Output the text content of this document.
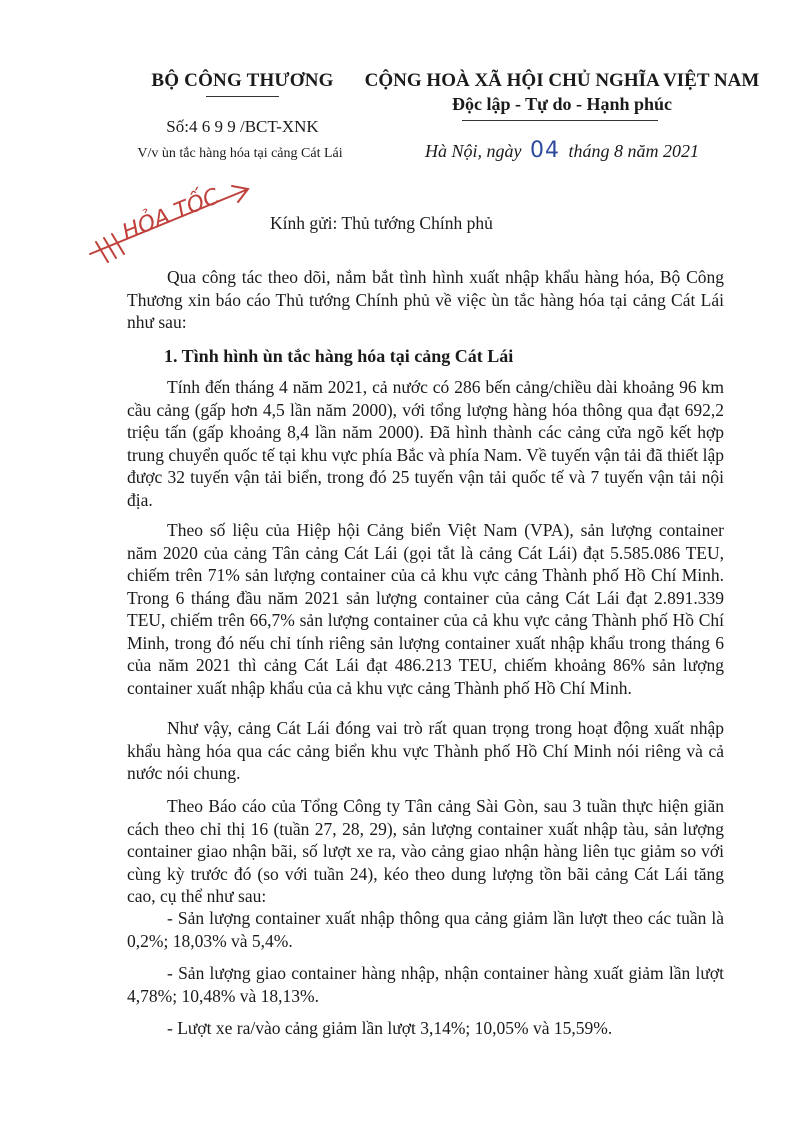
BỘ CÔNG THƯƠNG
Số:4 6 9 9 /BCT-XNK
V/v ùn tắc hàng hóa tại cảng Cát Lái
CỘNG HOÀ XÃ HỘI CHỦ NGHĨA VIỆT NAM
Độc lập - Tự do - Hạnh phúc
Hà Nội, ngày 04 tháng 8 năm 2021
HỎA TỐC	Kính gửi: Thủ tướng Chính phủ
Qua công tác theo dõi, nắm bắt tình hình xuất nhập khẩu hàng hóa, Bộ Công Thương xin báo cáo Thủ tướng Chính phủ về việc ùn tắc hàng hóa tại cảng Cát Lái như sau:
1. Tình hình ùn tắc hàng hóa tại cảng Cát Lái
Tính đến tháng 4 năm 2021, cả nước có 286 bến cảng/chiều dài khoảng 96 km cầu cảng (gấp hơn 4,5 lần năm 2000), với tổng lượng hàng hóa thông qua đạt 692,2 triệu tấn (gấp khoảng 8,4 lần năm 2000). Đã hình thành các cảng cửa ngõ kết hợp trung chuyển quốc tế tại khu vực phía Bắc và phía Nam. Về tuyến vận tải đã thiết lập được 32 tuyến vận tải biển, trong đó 25 tuyến vận tải quốc tế và 7 tuyến vận tải nội địa.
Theo số liệu của Hiệp hội Cảng biển Việt Nam (VPA), sản lượng container năm 2020 của cảng Tân cảng Cát Lái (gọi tắt là cảng Cát Lái) đạt 5.585.086 TEU, chiếm trên 71% sản lượng container của cả khu vực cảng Thành phố Hồ Chí Minh. Trong 6 tháng đầu năm 2021 sản lượng container của cảng Cát Lái đạt 2.891.339 TEU, chiếm trên 66,7% sản lượng container của cả khu vực cảng Thành phố Hồ Chí Minh, trong đó nếu chỉ tính riêng sản lượng container xuất nhập khẩu trong tháng 6 của năm 2021 thì cảng Cát Lái đạt 486.213 TEU, chiếm khoảng 86% sản lượng container xuất nhập khẩu của cả khu vực cảng Thành phố Hồ Chí Minh.
Như vậy, cảng Cát Lái đóng vai trò rất quan trọng trong hoạt động xuất nhập khẩu hàng hóa qua các cảng biển khu vực Thành phố Hồ Chí Minh nói riêng và cả nước nói chung.
Theo Báo cáo của Tổng Công ty Tân cảng Sài Gòn, sau 3 tuần thực hiện giãn cách theo chỉ thị 16 (tuần 27, 28, 29), sản lượng container xuất nhập tàu, sản lượng container giao nhận bãi, số lượt xe ra, vào cảng giao nhận hàng liên tục giảm so với cùng kỳ trước đó (so với tuần 24), kéo theo dung lượng tồn bãi cảng Cát Lái tăng cao, cụ thể như sau:
- Sản lượng container xuất nhập thông qua cảng giảm lần lượt theo các tuần là 0,2%; 18,03% và 5,4%.
- Sản lượng giao container hàng nhập, nhận container hàng xuất giảm lần lượt 4,78%; 10,48% và 18,13%.
- Lượt xe ra/vào cảng giảm lần lượt 3,14%; 10,05% và 15,59%.
